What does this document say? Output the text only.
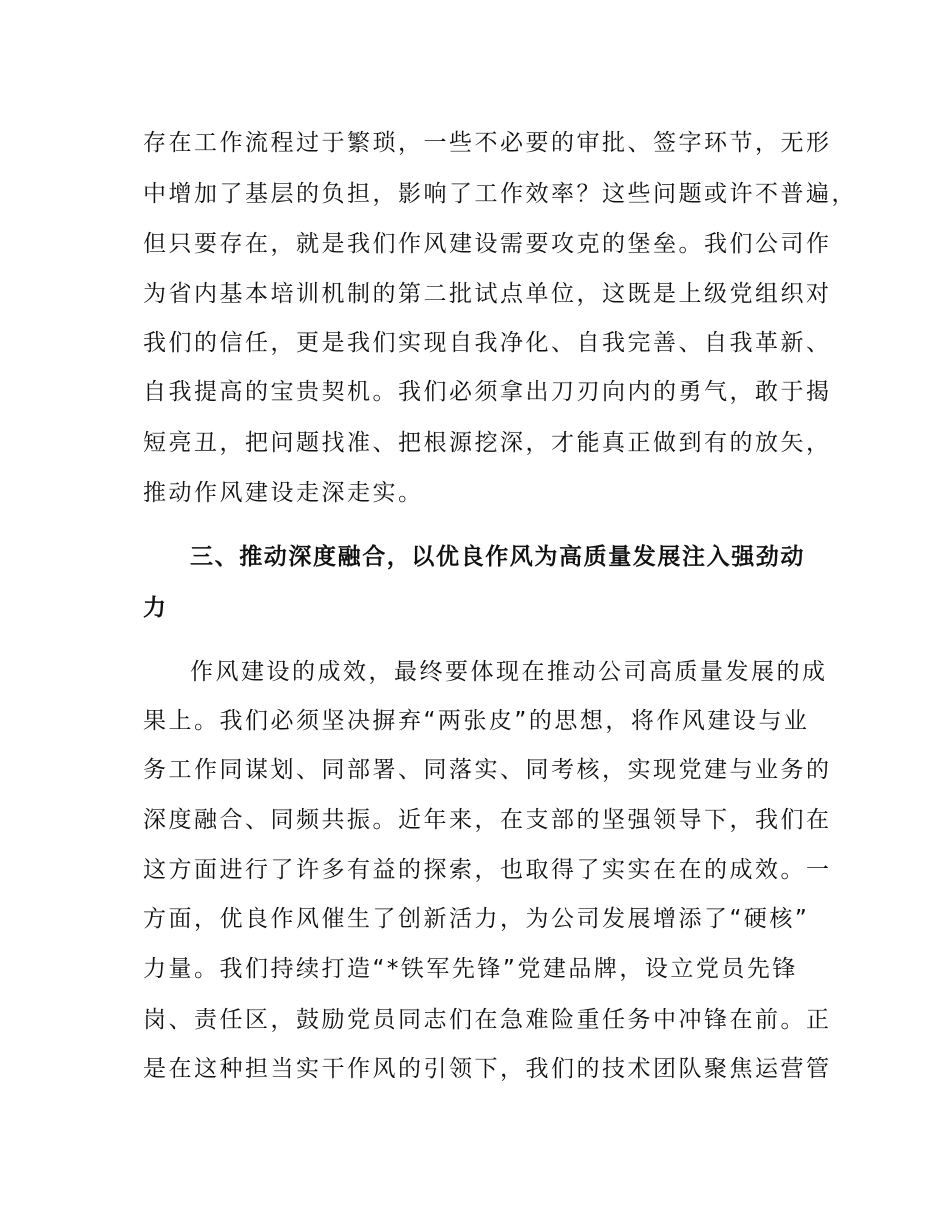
存在工作流程过于繁琐，一些不必要的审批、签字环节，无形
中增加了基层的负担，影响了工作效率？这些问题或许不普遍，
但只要存在，就是我们作风建设需要攻克的堡垒。我们公司作
为省内基本培训机制的第二批试点单位，这既是上级党组织对
我们的信任，更是我们实现自我净化、自我完善、自我革新、
自我提高的宝贵契机。我们必须拿出刀刃向内的勇气，敢于揭
短亮丑，把问题找准、把根源挖深，才能真正做到有的放矢，
推动作风建设走深走实。
三、推动深度融合，以优良作风为高质量发展注入强劲动
力
作风建设的成效，最终要体现在推动公司高质量发展的成
果上。我们必须坚决摒弃“两张皮”的思想，将作风建设与业
务工作同谋划、同部署、同落实、同考核，实现党建与业务的
深度融合、同频共振。近年来，在支部的坚强领导下，我们在
这方面进行了许多有益的探索，也取得了实实在在的成效。一
方面，优良作风催生了创新活力，为公司发展增添了“硬核”
力量。我们持续打造“*铁军先锋”党建品牌，设立党员先锋
岗、责任区，鼓励党员同志们在急难险重任务中冲锋在前。正
是在这种担当实干作风的引领下，我们的技术团队聚焦运营管
